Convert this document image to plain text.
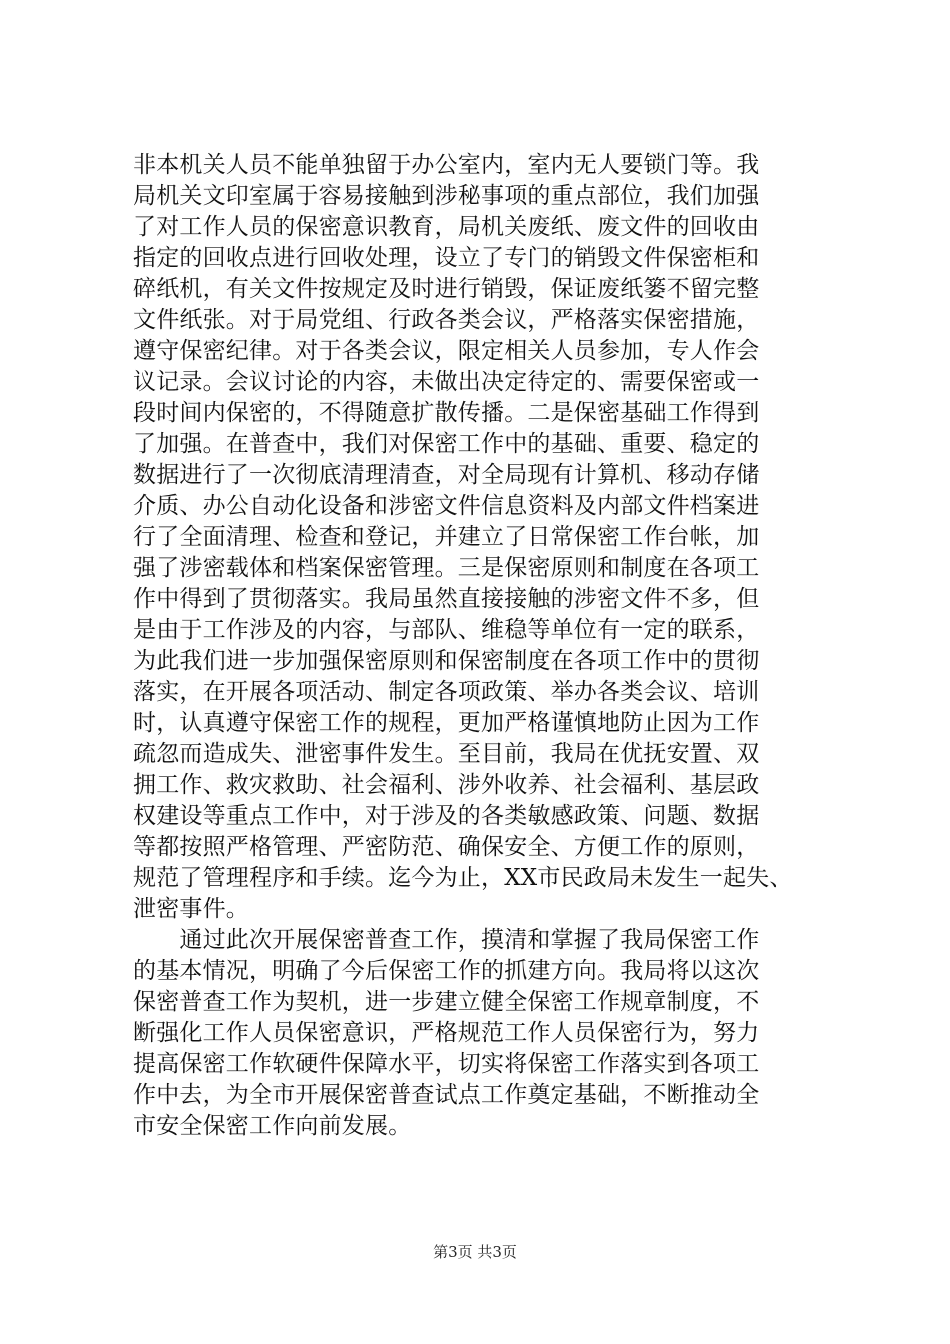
非本机关人员不能单独留于办公室内，室内无人要锁门等。我
局机关文印室属于容易接触到涉秘事项的重点部位，我们加强
了对工作人员的保密意识教育，局机关废纸、废文件的回收由
指定的回收点进行回收处理，设立了专门的销毁文件保密柜和
碎纸机，有关文件按规定及时进行销毁，保证废纸篓不留完整
文件纸张。对于局党组、行政各类会议，严格落实保密措施，
遵守保密纪律。对于各类会议，限定相关人员参加，专人作会
议记录。会议讨论的内容，未做出决定待定的、需要保密或一
段时间内保密的，不得随意扩散传播。二是保密基础工作得到
了加强。在普查中，我们对保密工作中的基础、重要、稳定的
数据进行了一次彻底清理清查，对全局现有计算机、移动存储
介质、办公自动化设备和涉密文件信息资料及内部文件档案进
行了全面清理、检查和登记，并建立了日常保密工作台帐，加
强了涉密载体和档案保密管理。三是保密原则和制度在各项工
作中得到了贯彻落实。我局虽然直接接触的涉密文件不多，但
是由于工作涉及的内容，与部队、维稳等单位有一定的联系，
为此我们进一步加强保密原则和保密制度在各项工作中的贯彻
落实，在开展各项活动、制定各项政策、举办各类会议、培训
时，认真遵守保密工作的规程，更加严格谨慎地防止因为工作
疏忽而造成失、泄密事件发生。至目前，我局在优抚安置、双
拥工作、救灾救助、社会福利、涉外收养、社会福利、基层政
权建设等重点工作中，对于涉及的各类敏感政策、问题、数据
等都按照严格管理、严密防范、确保安全、方便工作的原则，
规范了管理程序和手续。迄今为止，XX市民政局未发生一起失、
泄密事件。
　　通过此次开展保密普查工作，摸清和掌握了我局保密工作
的基本情况，明确了今后保密工作的抓建方向。我局将以这次
保密普查工作为契机，进一步建立健全保密工作规章制度，不
断强化工作人员保密意识，严格规范工作人员保密行为，努力
提高保密工作软硬件保障水平，切实将保密工作落实到各项工
作中去，为全市开展保密普查试点工作奠定基础，不断推动全
市安全保密工作向前发展。
第3页 共3页
